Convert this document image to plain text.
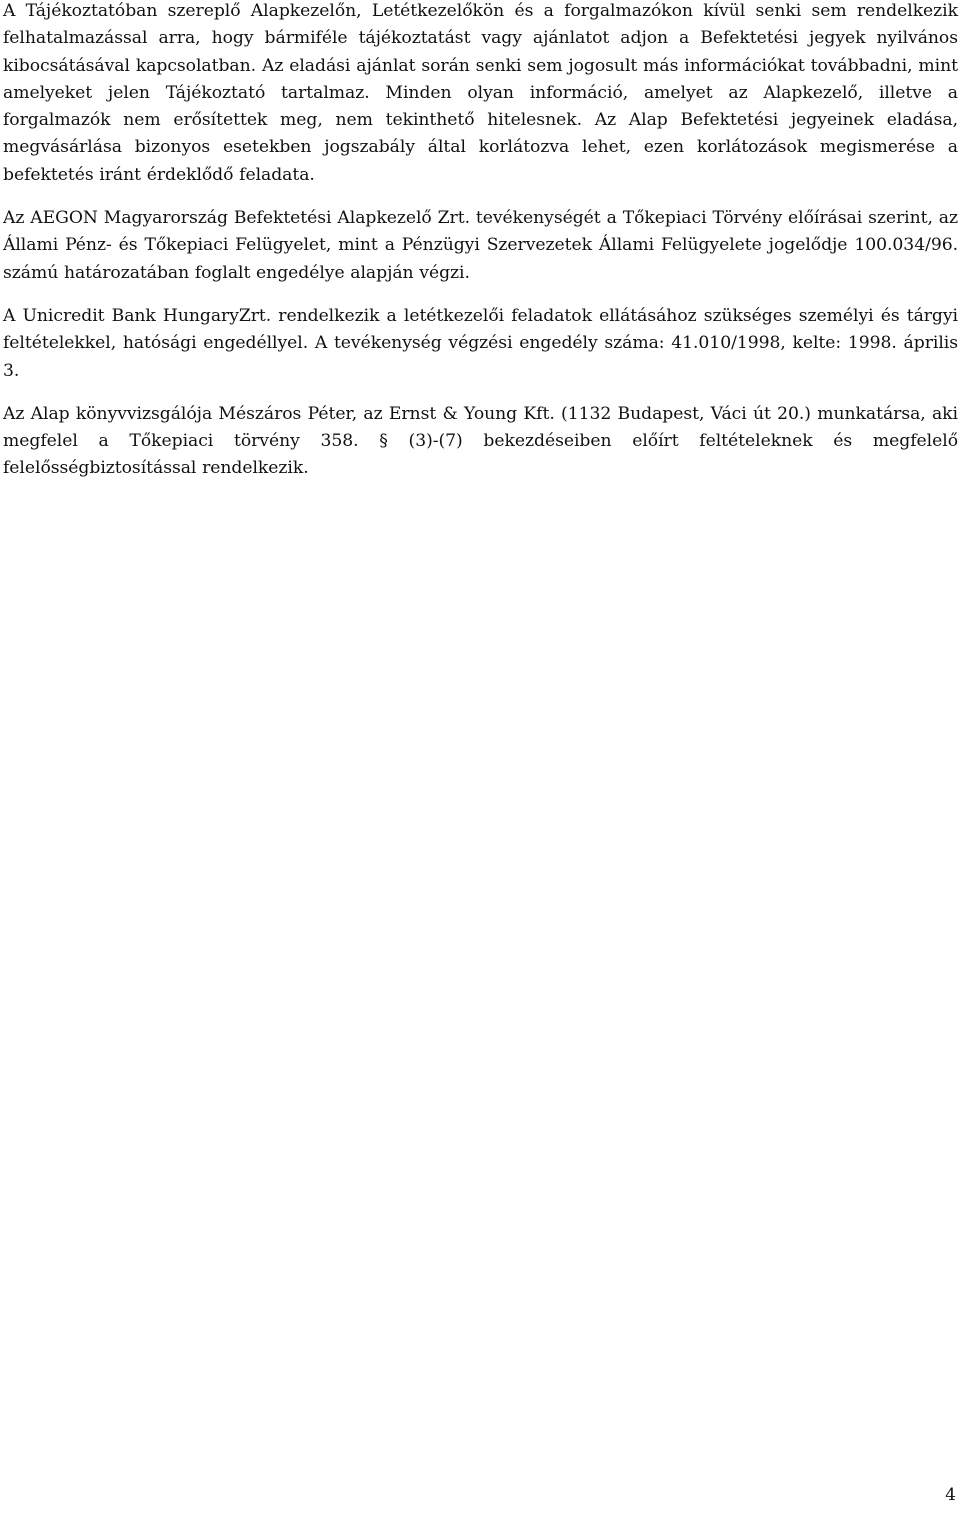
A Tájékoztatóban szereplő Alapkezelőn, Letétkezelőkön és a forgalmazókon kívül senki sem rendelkezik felhatalmazással arra, hogy bármiféle tájékoztatást vagy ajánlatot adjon a Befektetési jegyek nyilvános kibocsátásával kapcsolatban. Az eladási ajánlat során senki sem jogosult más információkat továbbadni, mint amelyeket jelen Tájékoztató tartalmaz. Minden olyan információ, amelyet az Alapkezelő, illetve a forgalmazók nem erősítettek meg, nem tekinthető hitelesnek. Az Alap Befektetési jegyeinek eladása, megvásárlása bizonyos esetekben jogszabály által korlátozva lehet, ezen korlátozások megismerése a befektetés iránt érdeklődő feladata.

Az AEGON Magyarország Befektetési Alapkezelő Zrt. tevékenységét a Tőkepiaci Törvény előírásai szerint, az Állami Pénz- és Tőkepiaci Felügyelet, mint a Pénzügyi Szervezetek Állami Felügyelete jogelődje 100.034/96. számú határozatában foglalt engedélye alapján végzi.

A Unicredit Bank HungaryZrt. rendelkezik a letétkezelői feladatok ellátásához szükséges személyi és tárgyi feltételekkel, hatósági engedéllyel. A tevékenység végzési engedély száma: 41.010/1998, kelte: 1998. április 3.

Az Alap könyvvizsgálója Mészáros Péter, az Ernst & Young Kft. (1132 Budapest, Váci út 20.) munkatársa, aki megfelel a Tőkepiaci törvény 358. § (3)-(7) bekezdéseiben előírt feltételeknek és megfelelő felelősségbiztosítással rendelkezik.

4
